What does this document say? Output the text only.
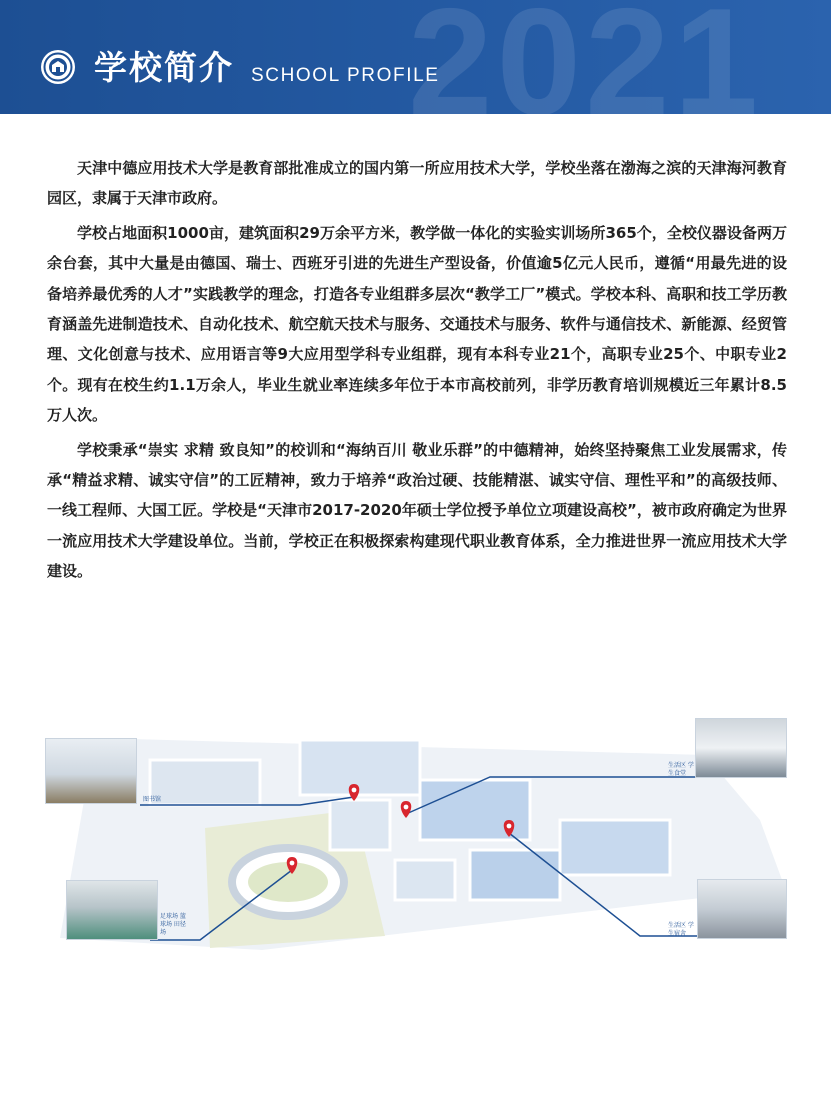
2021
学校简介 SCHOOL PROFILE

天津中德应用技术大学是教育部批准成立的国内第一所应用技术大学，学校坐落在渤海之滨的天津海河教育园区，隶属于天津市政府。

学校占地面积1000亩，建筑面积29万余平方米，教学做一体化的实验实训场所365个，全校仪器设备两万余台套，其中大量是由德国、瑞士、西班牙引进的先进生产型设备，价值逾5亿元人民币，遵循“用最先进的设备培养最优秀的人才”实践教学的理念，打造各专业组群多层次“教学工厂”模式。学校本科、高职和技工学历教育涵盖先进制造技术、自动化技术、航空航天技术与服务、交通技术与服务、软件与通信技术、新能源、经贸管理、文化创意与技术、应用语言等9大应用型学科专业组群，现有本科专业21个，高职专业25个、中职专业2个。现有在校生约1.1万余人，毕业生就业率连续多年位于本市高校前列，非学历教育培训规模近三年累计8.5万人次。

学校秉承“崇实 求精 致良知”的校训和“海纳百川 敬业乐群”的中德精神，始终坚持聚焦工业发展需求，传承“精益求精、诚实守信”的工匠精神，致力于培养“政治过硬、技能精湛、诚实守信、理性平和”的高级技师、一线工程师、大国工匠。学校是“天津市2017-2020年硕士学位授予单位立项建设高校”，被市政府确定为世界一流应用技术大学建设单位。当前，学校正在积极探索构建现代职业教育体系，全力推进世界一流应用技术大学建设。

图书馆
生活区 学生食堂
足球场 篮球场 田径场
生活区 学生宿舍
